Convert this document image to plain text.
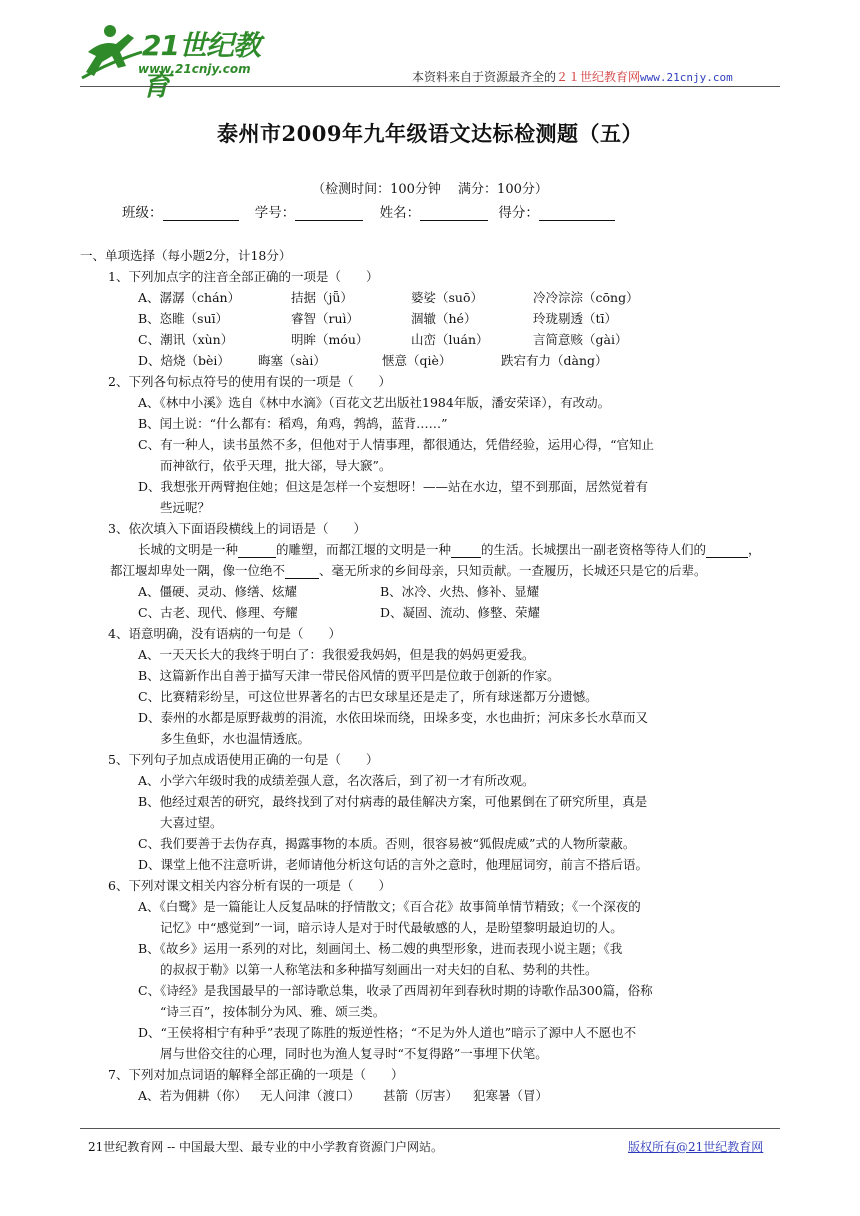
21世纪教育
www.21cnjy.com
本资料来自于资源最齐全的２１世纪教育网www.21cnjy.com
泰州市2009年九年级语文达标检测题（五）
（检测时间：100分钟　 满分：100分）
班级：	学号：	姓名：	得分：
一、单项选择（每小题2分，计18分）
1、下列加点字的注音全部正确的一项是（　　）
A、潺潺（chán）	拮据（jǖ）	婆娑（suō）	冷冷淙淙（cōng）
B、恣睢（suī）	睿智（ruì）	涸辙（hé）	玲珑剔透（tī）
C、潮讯（xùn）	明眸（móu）	山峦（luán）	言简意赅（gài）
D、焙烧（bèi） 晦塞（sài）	惬意（qiè）	跌宕有力（dàng）
2、下列各句标点符号的使用有误的一项是（　　）
A、《林中小溪》选自《林中水滴》（百花文艺出版社1984年版，潘安荣译），有改动。
B、闰土说：“什么都有：稻鸡，角鸡，鹁鸪，蓝背……”
C、有一种人，读书虽然不多，但他对于人情事理，都很通达，凭借经验，运用心得，“官知止
而神欲行，依乎天理，批大郤，导大窾”。
D、我想张开两臂抱住她；但这是怎样一个妄想呀！——站在水边，望不到那面，居然觉着有
些远呢？
3、依次填入下面语段横线上的词语是（　　）
长城的文明是一种	的雕塑，而都江堰的文明是一种 的生活。长城摆出一副老资格等待人们的	，
都江堰却卑处一隅，像一位绝不	、毫无所求的乡间母亲，只知贡献。一查履历，长城还只是它的后辈。
A、僵硬、灵动、修缮、炫耀	B、冰冷、火热、修补、显耀
C、古老、现代、修理、夸耀	D、凝固、流动、修整、荣耀
4、语意明确，没有语病的一句是（　　）
A、一天天长大的我终于明白了：我很爱我妈妈，但是我的妈妈更爱我。
B、这篇新作出自善于描写天津一带民俗风情的贾平凹是位敢于创新的作家。
C、比赛精彩纷呈，可这位世界著名的古巴女球星还是走了，所有球迷都万分遗憾。
D、泰州的水都是原野裁剪的涓流，水依田垛而绕，田垛多变，水也曲折；河床多长水草而又
多生鱼虾，水也温情透底。
5、下列句子加点成语使用正确的一句是（　　）
A、小学六年级时我的成绩差强人意，名次落后，到了初一才有所改观。
B、他经过艰苦的研究，最终找到了对付病毒的最佳解决方案，可他累倒在了研究所里，真是
大喜过望。
C、我们要善于去伪存真，揭露事物的本质。否则，很容易被“狐假虎威”式的人物所蒙蔽。
D、课堂上他不注意听讲，老师请他分析这句话的言外之意时，他理屈词穷，前言不搭后语。
6、下列对课文相关内容分析有误的一项是（　　）
A、《白鹭》是一篇能让人反复品味的抒情散文；《百合花》故事简单情节精致；《一个深夜的
记忆》中“感觉到”一词，暗示诗人是对于时代最敏感的人，是盼望黎明最迫切的人。
B、《故乡》运用一系列的对比，刻画闰土、杨二嫂的典型形象，进而表现小说主题；《我
的叔叔于勒》以第一人称笔法和多种描写刻画出一对夫妇的自私、势利的共性。
C、《诗经》是我国最早的一部诗歌总集，收录了西周初年到春秋时期的诗歌作品300篇，俗称
“诗三百”，按体制分为风、雅、颂三类。
D、“王侯将相宁有种乎”表现了陈胜的叛逆性格；“不足为外人道也”暗示了源中人不愿也不
屑与世俗交往的心理，同时也为渔人复寻时“不复得路”一事埋下伏笔。
7、下列对加点词语的解释全部正确的一项是（　　）
A、若为佣耕（你） 无人问津（渡口） 甚箭（厉害） 犯寒暑（冒）
21世纪教育网 -- 中国最大型、最专业的中小学教育资源门户网站。	版权所有@21世纪教育网
